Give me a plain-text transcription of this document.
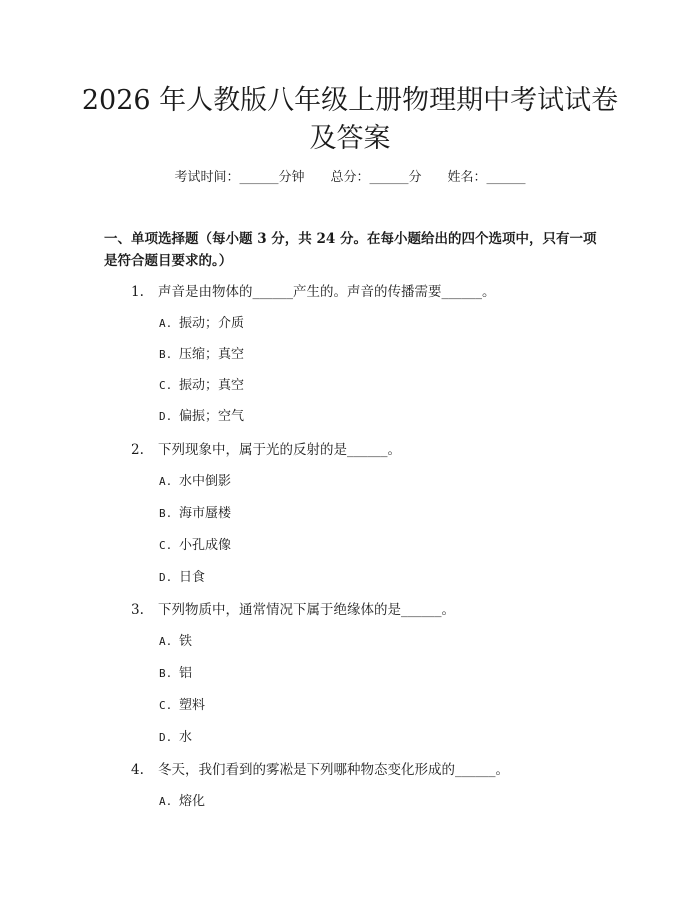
2026 年人教版八年级上册物理期中考试试卷
及答案
考试时间：______分钟 总分：______分 姓名：______
一、单项选择题（每小题 3 分，共 24 分。在每小题给出的四个选项中，只有一项是符合题目要求的。）
1. 声音是由物体的______产生的。声音的传播需要______。
A. 振动；介质
B. 压缩；真空
C. 振动；真空
D. 偏振；空气
2. 下列现象中，属于光的反射的是______。
A. 水中倒影
B. 海市蜃楼
C. 小孔成像
D. 日食
3. 下列物质中，通常情况下属于绝缘体的是______。
A. 铁
B. 铝
C. 塑料
D. 水
4. 冬天，我们看到的雾凇是下列哪种物态变化形成的______。
A. 熔化
